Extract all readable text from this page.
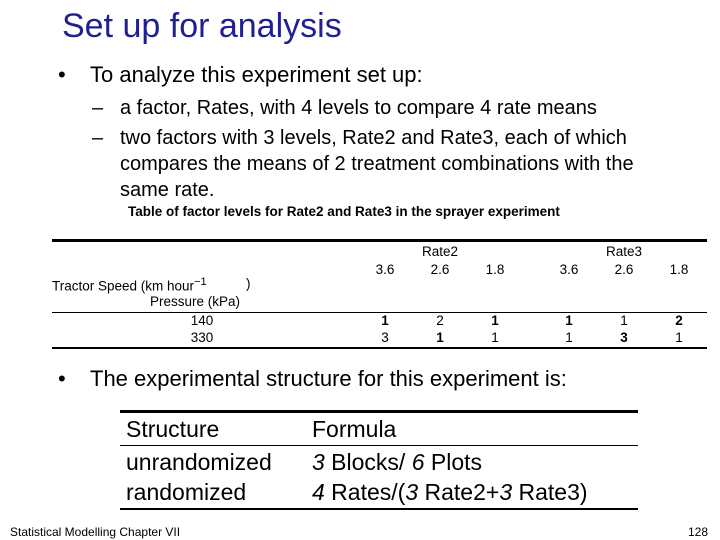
Set up for analysis
•	To analyze this experiment set up:
– a factor, Rates, with 4 levels to compare 4 rate means
– two factors with 3 levels, Rate2 and Rate3, each of which compares the means of 2 treatment combinations with the same rate.
Table of factor levels for Rate2 and Rate3 in the sprayer experiment
Rate2	Rate3
Tractor Speed (km hour$^{-1}$	)
3.6	2.6	1.8	3.6	2.6	1.8
Pressure (kPa)
140	1	2	1	1	1	2
330	3	1	1	1	3	1
•	The experimental structure for this experiment is:
Structure	Formula
unrandomized 3 Blocks/ 6 Plots
randomized	4 Rates/(3 Rate2+3 Rate3)
Statistical Modelling Chapter VII	128
